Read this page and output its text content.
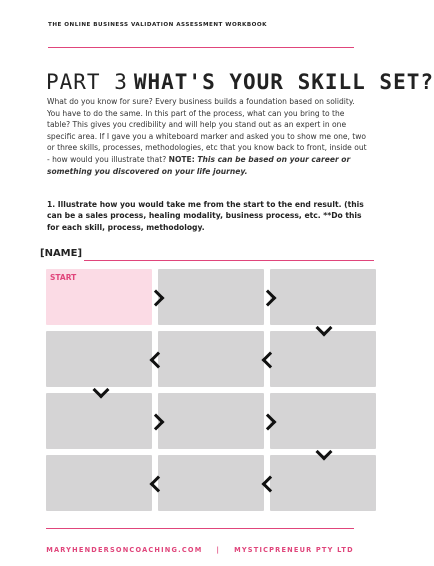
THE ONLINE BUSINESS VALIDATION ASSESSMENT WORKBOOK
PART 3 WHAT'S YOUR SKILL SET?
What do you know for sure? Every business builds a foundation based on solidity. You have to do the same. In this part of the process, what can you bring to the table? This gives you credibility and will help you stand out as an expert in one specific area. If I gave you a whiteboard marker and asked you to show me one, two or three skills, processes, methodologies, etc that you know back to front, inside out - how would you illustrate that? NOTE: This can be based on your career or something you discovered on your life journey.
1. Illustrate how you would take me from the start to the end result. (this can be a sales process, healing modality, business process, etc. **Do this for each skill, process, methodology.
[NAME]
START
MARYHENDERSONCOACHING.COM | MYSTICPRENEUR PTY LTD
